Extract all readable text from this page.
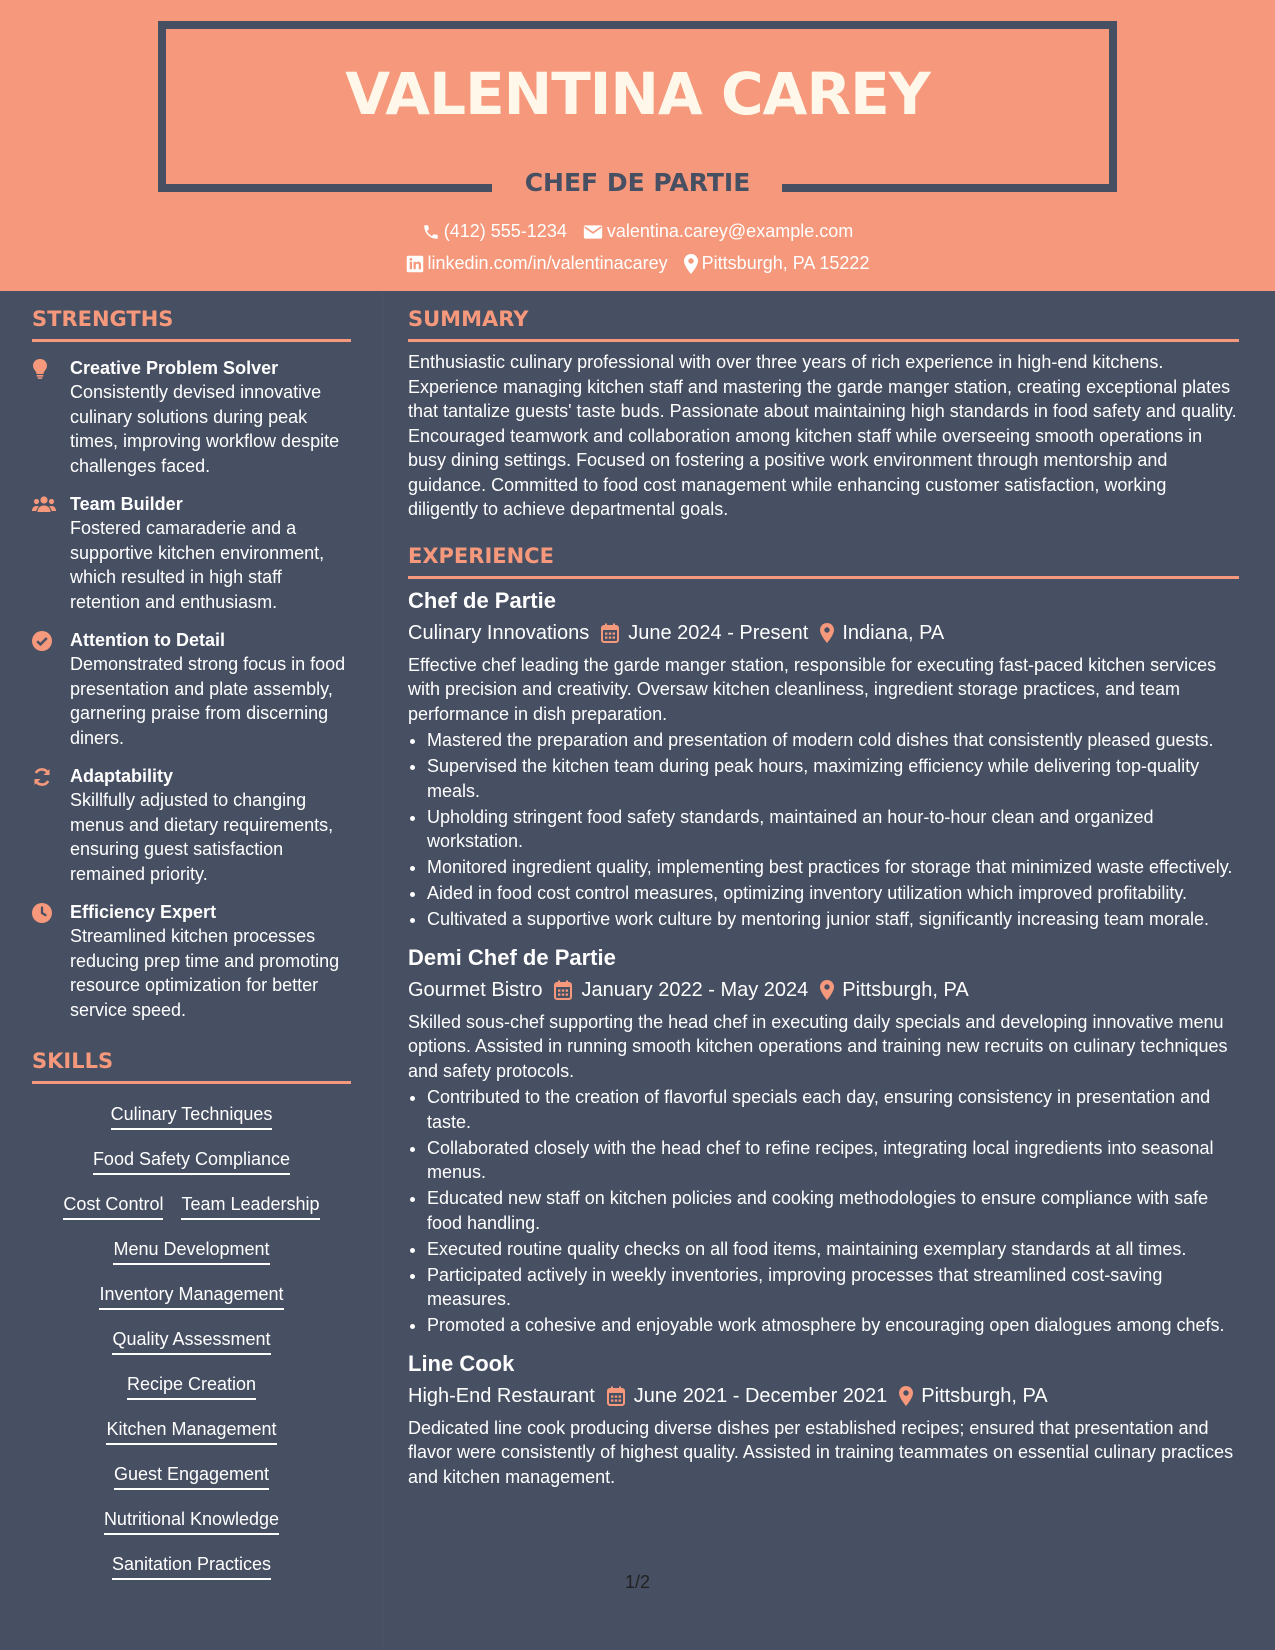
VALENTINA CAREY
CHEF DE PARTIE
(412) 555-1234 valentina.carey@example.com
linkedin.com/in/valentinacarey Pittsburgh, PA 15222
STRENGTHS
Creative Problem Solver
Consistently devised innovative culinary solutions during peak times, improving workflow despite challenges faced.
Team Builder
Fostered camaraderie and a supportive kitchen environment, which resulted in high staff retention and enthusiasm.
Attention to Detail
Demonstrated strong focus in food presentation and plate assembly, garnering praise from discerning diners.
Adaptability
Skillfully adjusted to changing menus and dietary requirements, ensuring guest satisfaction remained priority.
Efficiency Expert
Streamlined kitchen processes reducing prep time and promoting resource optimization for better service speed.
SKILLS
Culinary Techniques
Food Safety Compliance
Cost Control Team Leadership
Menu Development
Inventory Management
Quality Assessment
Recipe Creation
Kitchen Management
Guest Engagement
Nutritional Knowledge
Sanitation Practices
SUMMARY
Enthusiastic culinary professional with over three years of rich experience in high-end kitchens. Experience managing kitchen staff and mastering the garde manger station, creating exceptional plates that tantalize guests' taste buds. Passionate about maintaining high standards in food safety and quality. Encouraged teamwork and collaboration among kitchen staff while overseeing smooth operations in busy dining settings. Focused on fostering a positive work environment through mentorship and guidance. Committed to food cost management while enhancing customer satisfaction, working diligently to achieve departmental goals.
EXPERIENCE
Chef de Partie
Culinary Innovations June 2024 - Present Indiana, PA
Effective chef leading the garde manger station, responsible for executing fast-paced kitchen services with precision and creativity. Oversaw kitchen cleanliness, ingredient storage practices, and team performance in dish preparation.
• Mastered the preparation and presentation of modern cold dishes that consistently pleased guests.
• Supervised the kitchen team during peak hours, maximizing efficiency while delivering top-quality meals.
• Upholding stringent food safety standards, maintained an hour-to-hour clean and organized workstation.
• Monitored ingredient quality, implementing best practices for storage that minimized waste effectively.
• Aided in food cost control measures, optimizing inventory utilization which improved profitability.
• Cultivated a supportive work culture by mentoring junior staff, significantly increasing team morale.
Demi Chef de Partie
Gourmet Bistro January 2022 - May 2024 Pittsburgh, PA
Skilled sous-chef supporting the head chef in executing daily specials and developing innovative menu options. Assisted in running smooth kitchen operations and training new recruits on culinary techniques and safety protocols.
• Contributed to the creation of flavorful specials each day, ensuring consistency in presentation and taste.
• Collaborated closely with the head chef to refine recipes, integrating local ingredients into seasonal menus.
• Educated new staff on kitchen policies and cooking methodologies to ensure compliance with safe food handling.
• Executed routine quality checks on all food items, maintaining exemplary standards at all times.
• Participated actively in weekly inventories, improving processes that streamlined cost-saving measures.
• Promoted a cohesive and enjoyable work atmosphere by encouraging open dialogues among chefs.
Line Cook
High-End Restaurant June 2021 - December 2021 Pittsburgh, PA
Dedicated line cook producing diverse dishes per established recipes; ensured that presentation and flavor were consistently of highest quality. Assisted in training teammates on essential culinary practices and kitchen management.
1/2
